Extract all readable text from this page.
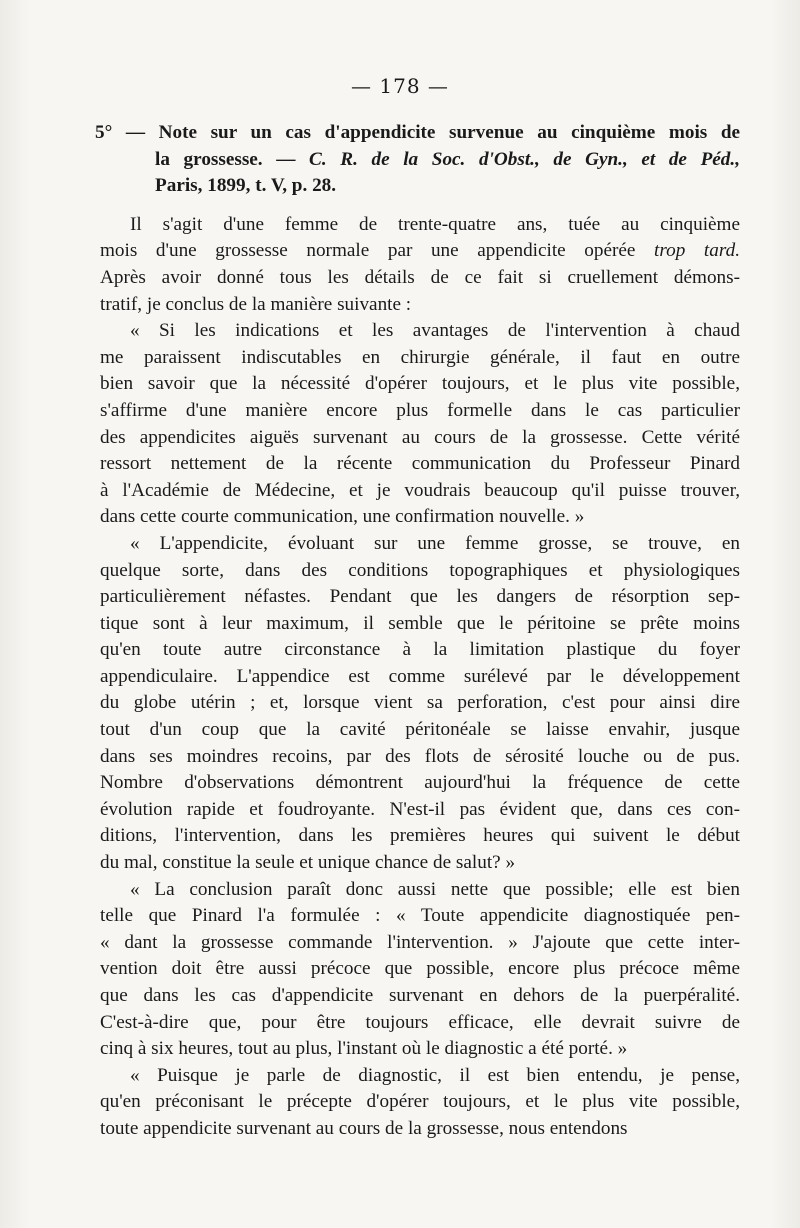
— 178 —

5° — Note sur un cas d'appendicite survenue au cinquième mois de
la grossesse. — C. R. de la Soc. d'Obst., de Gyn., et de Péd.,
Paris, 1899, t. V, p. 28.

Il s'agit d'une femme de trente-quatre ans, tuée au cinquième
mois d'une grossesse normale par une appendicite opérée trop tard.
Après avoir donné tous les détails de ce fait si cruellement démons-
tratif, je conclus de la manière suivante :

« Si les indications et les avantages de l'intervention à chaud
me paraissent indiscutables en chirurgie générale, il faut en outre
bien savoir que la nécessité d'opérer toujours, et le plus vite possible,
s'affirme d'une manière encore plus formelle dans le cas particulier
des appendicites aiguës survenant au cours de la grossesse. Cette vérité
ressort nettement de la récente communication du Professeur Pinard
à l'Académie de Médecine, et je voudrais beaucoup qu'il puisse trouver,
dans cette courte communication, une confirmation nouvelle. »

« L'appendicite, évoluant sur une femme grosse, se trouve, en
quelque sorte, dans des conditions topographiques et physiologiques
particulièrement néfastes. Pendant que les dangers de résorption sep-
tique sont à leur maximum, il semble que le péritoine se prête moins
qu'en toute autre circonstance à la limitation plastique du foyer
appendiculaire. L'appendice est comme surélevé par le développement
du globe utérin ; et, lorsque vient sa perforation, c'est pour ainsi dire
tout d'un coup que la cavité péritonéale se laisse envahir, jusque
dans ses moindres recoins, par des flots de sérosité louche ou de pus.
Nombre d'observations démontrent aujourd'hui la fréquence de cette
évolution rapide et foudroyante. N'est-il pas évident que, dans ces con-
ditions, l'intervention, dans les premières heures qui suivent le début
du mal, constitue la seule et unique chance de salut? »

« La conclusion paraît donc aussi nette que possible; elle est bien
telle que Pinard l'a formulée : « Toute appendicite diagnostiquée pen-
« dant la grossesse commande l'intervention. » J'ajoute que cette inter-
vention doit être aussi précoce que possible, encore plus précoce même
que dans les cas d'appendicite survenant en dehors de la puerpéralité.
C'est-à-dire que, pour être toujours efficace, elle devrait suivre de
cinq à six heures, tout au plus, l'instant où le diagnostic a été porté. »

« Puisque je parle de diagnostic, il est bien entendu, je pense,
qu'en préconisant le précepte d'opérer toujours, et le plus vite possible,
toute appendicite survenant au cours de la grossesse, nous entendons
